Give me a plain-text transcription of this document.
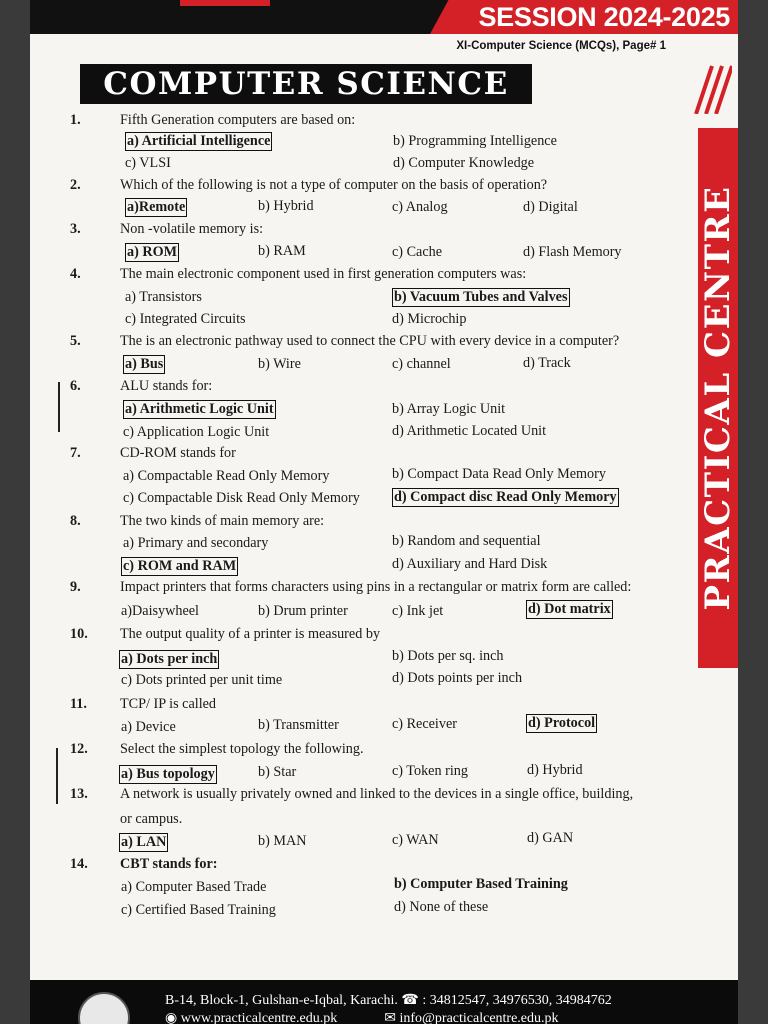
SESSION 2024-2025
XI-Computer Science (MCQs), Page# 1
COMPUTER SCIENCE
PRACTICAL CENTRE
1.	Fifth Generation computers are based on:
a) Artificial Intelligence	b) Programming Intelligence
c) VLSI	d) Computer Knowledge
2.	Which of the following is not a type of computer on the basis of operation?
a)Remote	b) Hybrid	c) Analog	d) Digital
3.	Non -volatile memory is:
a) ROM	b) RAM	c) Cache	d) Flash Memory
4.	The main electronic component used in first generation computers was:
a) Transistors	b) Vacuum Tubes and Valves
c) Integrated Circuits	d) Microchip
5.	The is an electronic pathway used to connect the CPU with every device in a computer?
a) Bus	b) Wire	c) channel	d) Track
6.	ALU stands for:
a) Arithmetic Logic Unit	b) Array Logic Unit
c) Application Logic Unit	d) Arithmetic Located Unit
7.	CD-ROM stands for
a) Compactable Read Only Memory	b) Compact Data Read Only Memory
c) Compactable Disk Read Only Memory d) Compact disc Read Only Memory
8.	The two kinds of main memory are:
a) Primary and secondary	b) Random and sequential
c) ROM and RAM	d) Auxiliary and Hard Disk
9.	Impact printers that forms characters using pins in a rectangular or matrix form are called:
a)Daisywheel	b) Drum printer	c) Ink jet	d) Dot matrix
10.	The output quality of a printer is measured by
a) Dots per inch	b) Dots per sq. inch
c) Dots printed per unit time	d) Dots points per inch
11.	TCP/ IP is called
a) Device	b) Transmitter	c) Receiver	d) Protocol
12.	Select the simplest topology the following.
a) Bus topology	b) Star	c) Token ring	d) Hybrid
13.	A network is usually privately owned and linked to the devices in a single office, building,
or campus.
a) LAN	b) MAN	c) WAN	d) GAN
14.	CBT stands for:
a) Computer Based Trade	b) Computer Based Training
c) Certified Based Training	d) None of these
B-14, Block-1, Gulshan-e-Iqbal, Karachi. ☎ : 34812547, 34976530, 34984762
◉ www.practicalcentre.edu.pk	✉ info@practicalcentre.edu.pk
